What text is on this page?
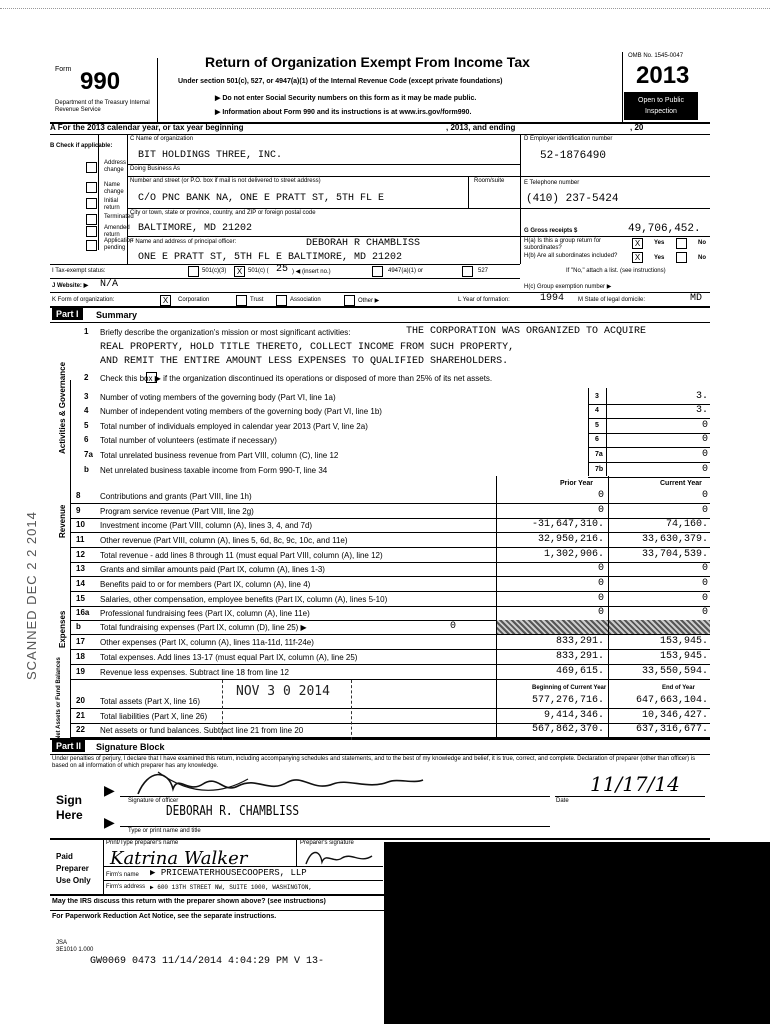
Form 990
Department of the Treasury Internal Revenue Service
Return of Organization Exempt From Income Tax
Under section 501(c), 527, or 4947(a)(1) of the Internal Revenue Code (except private foundations)
▶ Do not enter Social Security numbers on this form as it may be made public.
▶ Information about Form 990 and its instructions is at www.irs.gov/form990.
OMB No. 1545-0047
2013
Open to Public Inspection
A For the 2013 calendar year, or tax year beginning	, 2013, and ending	, 20
B Check if applicable:
Address change
Name change
Initial return
Terminated
Amended return
Application pending
C Name of organization
BIT HOLDINGS THREE, INC.
Doing Business As
Number and street (or P.O. box if mail is not delivered to street address)	Room/suite
C/O PNC BANK NA, ONE E PRATT ST, 5TH FL E
City or town, state or province, country, and ZIP or foreign postal code
BALTIMORE, MD 21202
F Name and address of principal officer:	DEBORAH R CHAMBLISS
ONE E PRATT ST, 5TH FL E BALTIMORE, MD 21202
D Employer identification number
52-1876490
E Telephone number
(410) 237-5424
G Gross receipts $	49,706,452.
H(a) Is this a group return for subordinates?	X	Yes	No
H(b) Are all subordinates included?	X	Yes	No
If "No," attach a list. (see instructions)
H(c) Group exemption number ▶
I Tax-exempt status:	501(c)(3)	X 501(c) ( 25 ) ◀ (insert no.)	4947(a)(1) or	527
J Website: ▶ N/A
K Form of organization:	X	Corporation	Trust	Association	Other ▶	L Year of formation:	1994 M State of legal domicile:	MD
Part I	Summary
1 Briefly describe the organization's mission or most significant activities:	THE CORPORATION WAS ORGANIZED TO ACQUIRE
REAL PROPERTY, HOLD TITLE THERETO, COLLECT INCOME FROM SUCH PROPERTY,
AND REMIT THE ENTIRE AMOUNT LESS EXPENSES TO QUALIFIED SHAREHOLDERS.
2 Check this box ▶ if the organization discontinued its operations or disposed of more than 25% of its net assets.
Activities & Governance 3 Number of voting members of the governing body (Part VI, line 1a)	3	3.
4 Number of independent voting members of the governing body (Part VI, line 1b)	4	3.
5 Total number of individuals employed in calendar year 2013 (Part V, line 2a)	5	0
6 Total number of volunteers (estimate if necessary)	6	0
7a Total unrelated business revenue from Part VIII, column (C), line 12	7a	0
b Net unrelated business taxable income from Form 990-T, line 34	7b	0
Revenue
Prior Year	Current Year
8 Contributions and grants (Part VIII, line 1h)	0	0
9 Program service revenue (Part VIII, line 2g)	0	0
10 Investment income (Part VIII, column (A), lines 3, 4, and 7d)	-31,647,310.	74,160.
11 Other revenue (Part VIII, column (A), lines 5, 6d, 8c, 9c, 10c, and 11e)	32,950,216.	33,630,379.
12 Total revenue - add lines 8 through 11 (must equal Part VIII, column (A), line 12)	1,302,906.	33,704,539.
Expenses
13 Grants and similar amounts paid (Part IX, column (A), lines 1-3)	0	0
14 Benefits paid to or for members (Part IX, column (A), line 4)	0	0
15 Salaries, other compensation, employee benefits (Part IX, column (A), lines 5-10)	0	0
16a Professional fundraising fees (Part IX, column (A), line 11e)	0	0
b Total fundraising expenses (Part IX, column (D), line 25) ▶	0
17 Other expenses (Part IX, column (A), lines 11a-11d, 11f-24e)	833,291.	153,945.
18 Total expenses. Add lines 13-17 (must equal Part IX, column (A), line 25)	833,291.	153,945.
19 Revenue less expenses. Subtract line 18 from line 12	469,615.	33,550,594.
Net Assets or Fund Balances	Beginning of Current Year	End of Year
20 Total assets (Part X, line 16)	577,276,716.	647,663,104.
21 Total liabilities (Part X, line 26)	9,414,346.	10,346,427.
22 Net assets or fund balances. Subtract line 21 from line 20	567,862,370.	637,316,677.
Part II	Signature Block
Under penalties of perjury, I declare that I have examined this return, including accompanying schedules and statements, and to the best of my knowledge and belief, it is true, correct, and complete. Declaration of preparer (other than officer) is based on all information of which preparer has any knowledge.
Sign
Here
▶
▶
Signature of officer
11/17/14
Date
DEBORAH R. CHAMBLISS
Type or print name and title
Paid
Preparer
Use Only
Print/Type preparer's name	Preparer's signature
Katrina Walker
Firm's name ▶ PRICEWATERHOUSECOOPERS, LLP
Firm's address ▶ 600 13TH STREET NW, SUITE 1000, WASHINGTON,
May the IRS discuss this return with the preparer shown above? (see instructions)
For Paperwork Reduction Act Notice, see the separate instructions.
JSA
3E1010 1.000
GW0069 0473 11/14/2014 4:04:29 PM V 13-
SCANNED DEC 2 2 2014
NOV 3 0 2014
